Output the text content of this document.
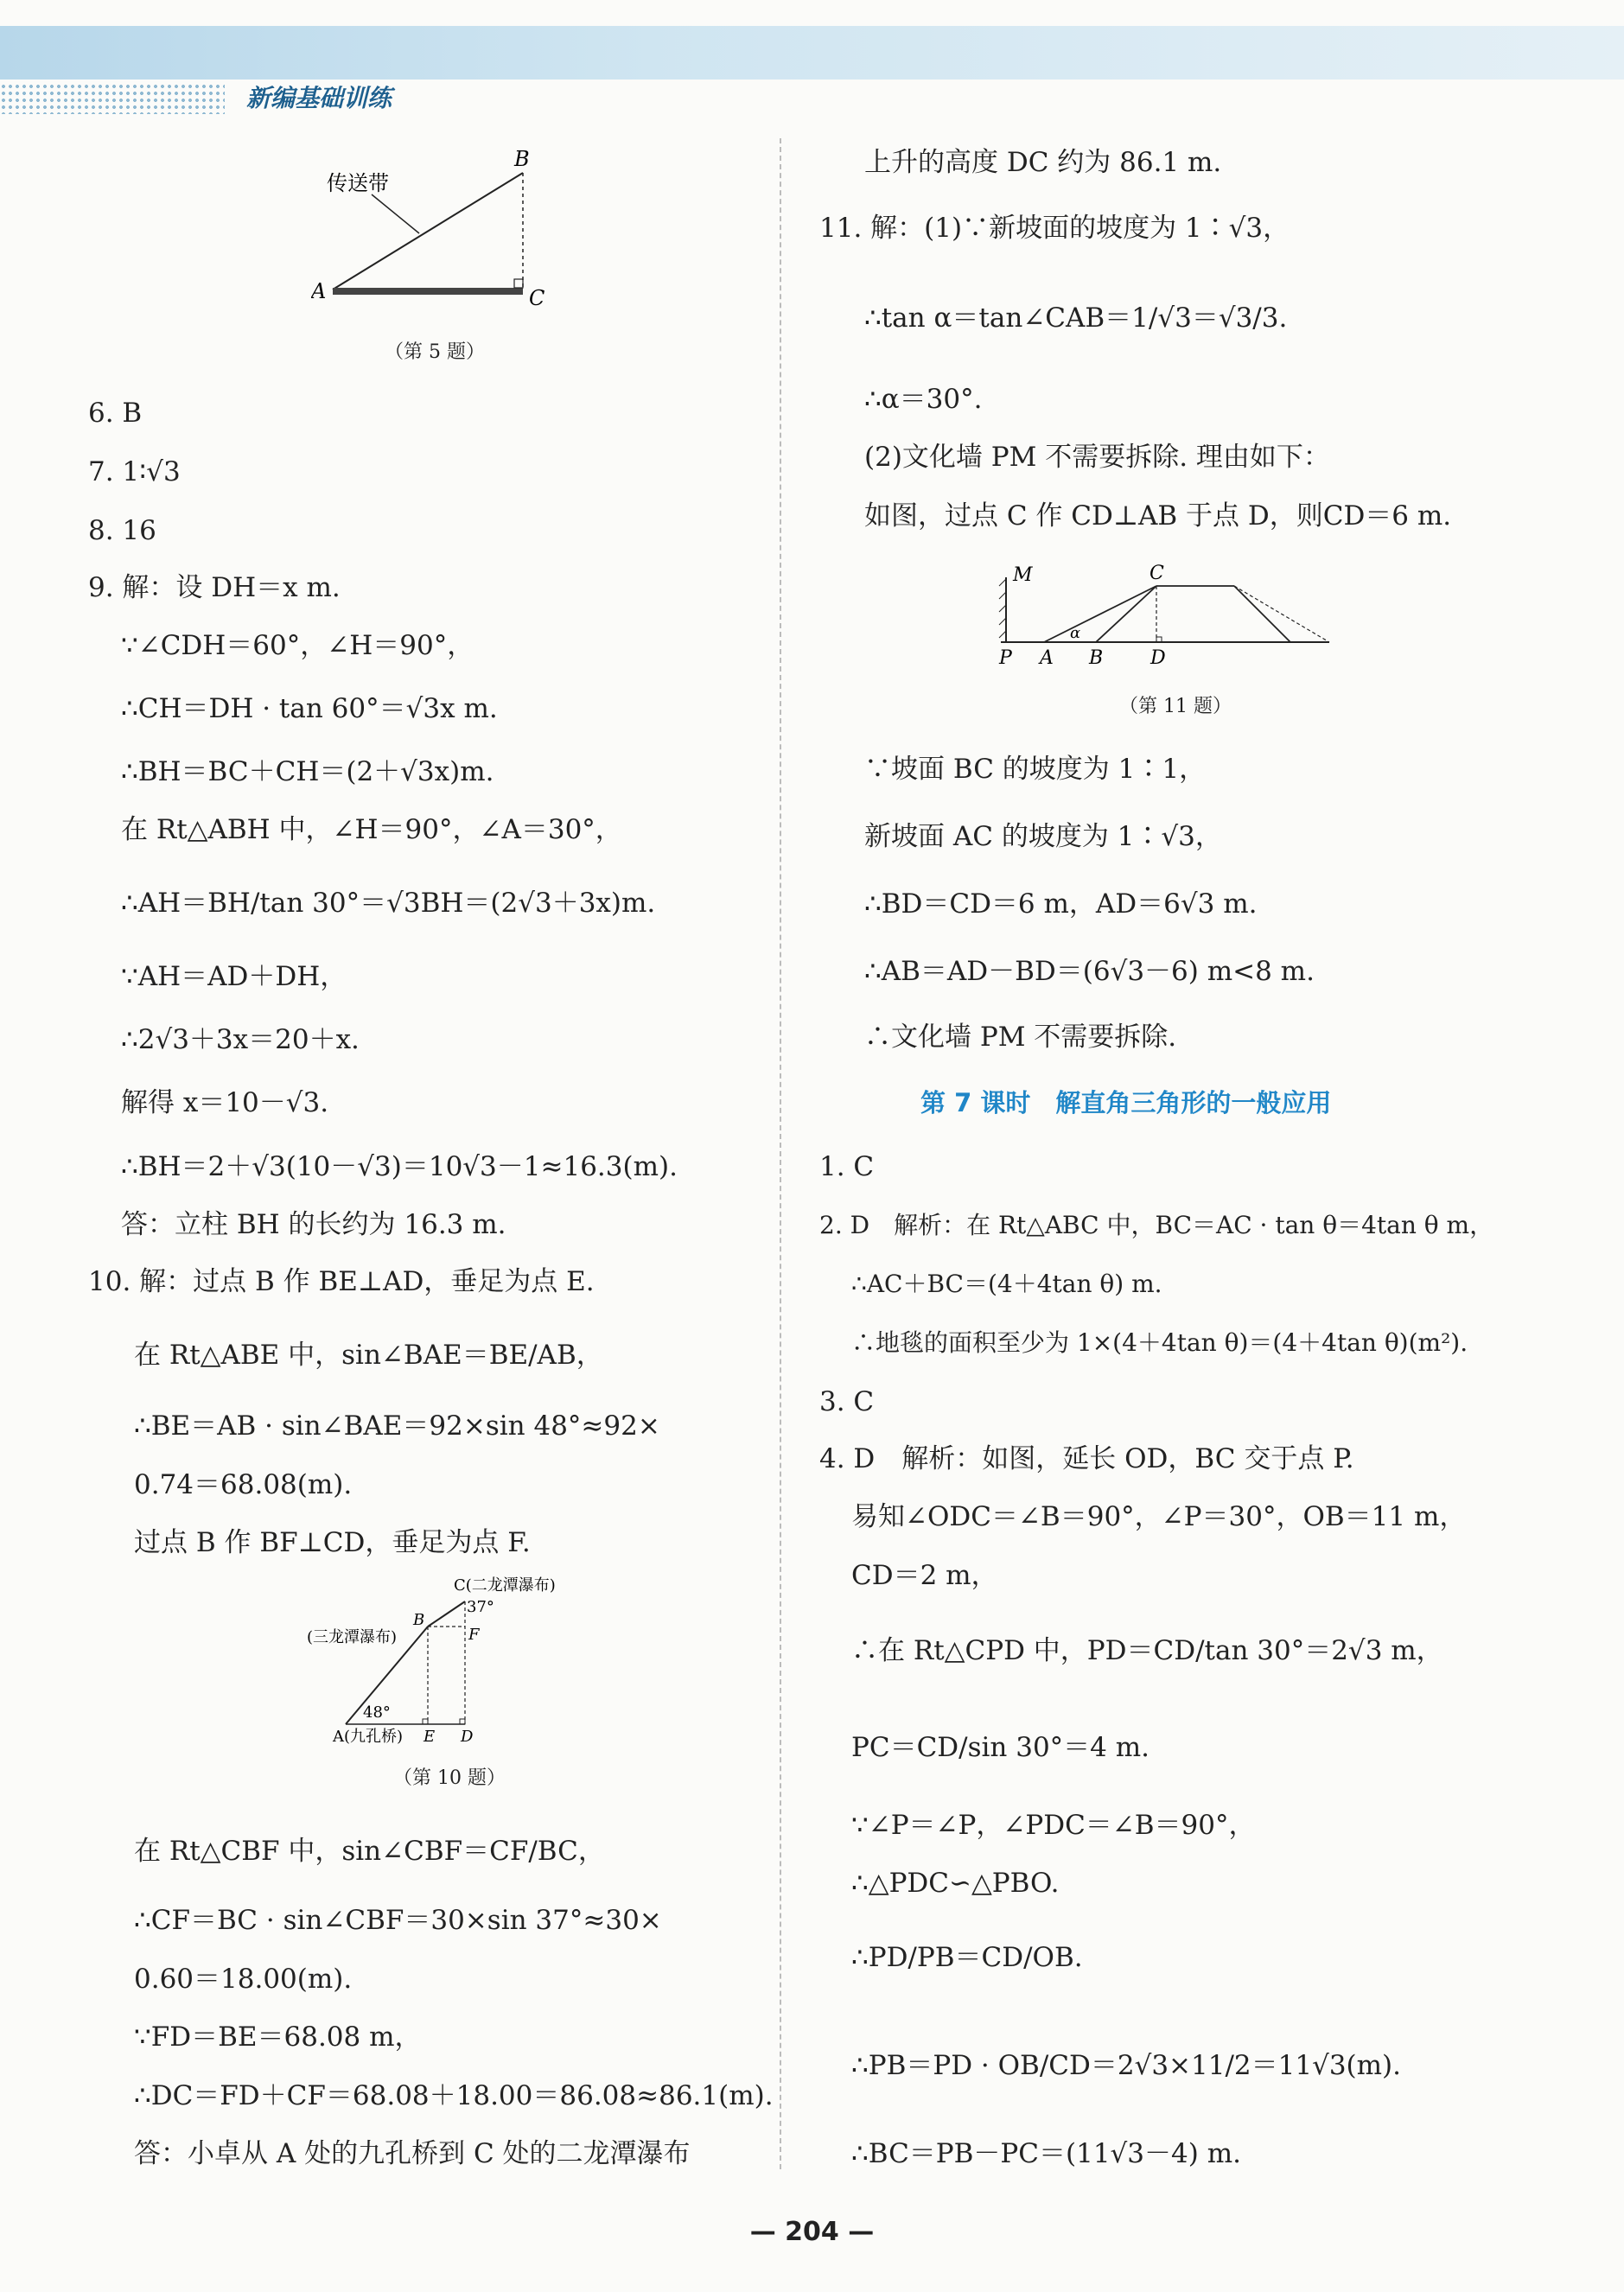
新编基础训练
传送带
A
B
C
（第 5 题）
6. B
7. 1∶√3
8. 16
9. 解：设 DH＝x m.
∵∠CDH＝60°，∠H＝90°，
∴CH＝DH · tan 60°＝√3x m.
∴BH＝BC＋CH＝(2＋√3x)m.
在 Rt△ABH 中，∠H＝90°，∠A＝30°，
∴AH＝BH/tan 30°＝√3BH＝(2√3＋3x)m.
∵AH＝AD＋DH，
∴2√3＋3x＝20＋x.
解得 x＝10－√3.
∴BH＝2＋√3(10－√3)＝10√3－1≈16.3(m).
答：立柱 BH 的长约为 16.3 m.
10. 解：过点 B 作 BE⊥AD，垂足为点 E.
在 Rt△ABE 中，sin∠BAE＝BE/AB，
∴BE＝AB · sin∠BAE＝92×sin 48°≈92×
0.74＝68.08(m).
过点 B 作 BF⊥CD，垂足为点 F.
C(二龙潭瀑布)
37°
B
F
(三龙潭瀑布)
48°
A(九孔桥) E D
（第 10 题）
在 Rt△CBF 中，sin∠CBF＝CF/BC，
∴CF＝BC · sin∠CBF＝30×sin 37°≈30×
0.60＝18.00(m).
∵FD＝BE＝68.08 m，
∴DC＝FD＋CF＝68.08＋18.00＝86.08≈86.1(m).
答：小卓从 A 处的九孔桥到 C 处的二龙潭瀑布
上升的高度 DC 约为 86.1 m.
11. 解：(1)∵新坡面的坡度为 1∶√3，
∴tan α＝tan∠CAB＝1/√3＝√3/3.
∴α＝30°.
(2)文化墙 PM 不需要拆除. 理由如下：
如图，过点 C 作 CD⊥AB 于点 D，则CD＝6 m.
M	C
α
P A B D
（第 11 题）
∵坡面 BC 的坡度为 1∶1，
新坡面 AC 的坡度为 1∶√3，
∴BD＝CD＝6 m，AD＝6√3 m.
∴AB＝AD－BD＝(6√3－6) m<8 m.
∴文化墙 PM 不需要拆除.
第 7 课时　解直角三角形的一般应用
1. C
2. D　解析：在 Rt△ABC 中，BC＝AC · tan θ＝4tan θ m，
∴AC＋BC＝(4＋4tan θ) m.
∴地毯的面积至少为 1×(4＋4tan θ)＝(4＋4tan θ)(m²).
3. C
4. D　解析：如图，延长 OD，BC 交于点 P.
易知∠ODC＝∠B＝90°，∠P＝30°，OB＝11 m，
CD＝2 m，
∴在 Rt△CPD 中，PD＝CD/tan 30°＝2√3 m，
PC＝CD/sin 30°＝4 m.
∵∠P＝∠P，∠PDC＝∠B＝90°，
∴△PDC∽△PBO.
∴PD/PB＝CD/OB.
∴PB＝PD · OB/CD＝2√3×11/2＝11√3(m).
∴BC＝PB－PC＝(11√3－4) m.
— 204 —
